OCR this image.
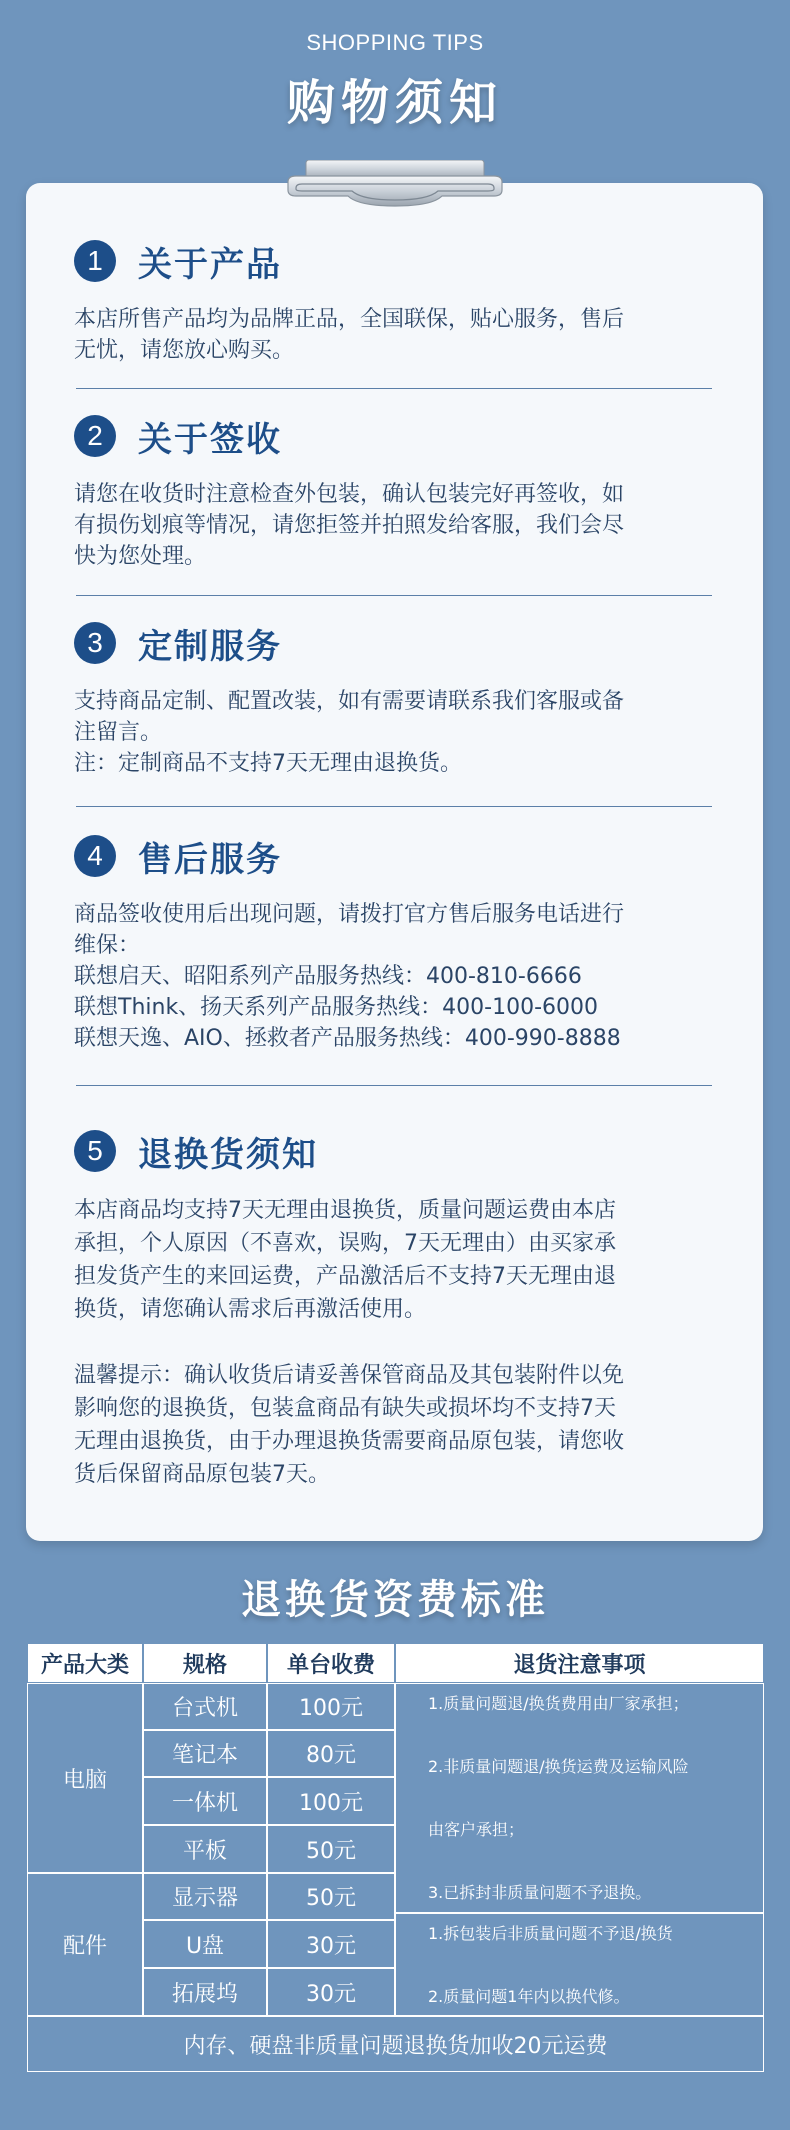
SHOPPING TIPS
购物须知
1	关于产品

本店所售产品均为品牌正品，全国联保，贴心服务，售后

无忧，请您放心购买。

2	关于签收

请您在收货时注意检查外包装，确认包装完好再签收，如

有损伤划痕等情况，请您拒签并拍照发给客服，我们会尽

快为您处理。

3	定制服务

支持商品定制、配置改装，如有需要请联系我们客服或备

注留言。

注：定制商品不支持7天无理由退换货。

4	售后服务

商品签收使用后出现问题，请拨打官方售后服务电话进行

维保：

联想启天、昭阳系列产品服务热线：400-810-6666

联想Think、扬天系列产品服务热线：400-100-6000

联想天逸、AIO、拯救者产品服务热线：400-990-8888

5	退换货须知

本店商品均支持7天无理由退换货，质量问题运费由本店

承担，个人原因（不喜欢，误购，7天无理由）由买家承

担发货产生的来回运费，产品激活后不支持7天无理由退

换货，请您确认需求后再激活使用。

温馨提示：确认收货后请妥善保管商品及其包装附件以免

影响您的退换货，包装盒商品有缺失或损坏均不支持7天

无理由退换货，由于办理退换货需要商品原包装，请您收

货后保留商品原包装7天。

退换货资费标准
产品大类	规格	单台收费	退货注意事项
电脑
台式机	100元
笔记本	80元
一体机	100元
平板	50元

1.质量问题退/换货费用由厂家承担；

2.非质量问题退/换货运费及运输风险

由客户承担；

3.已拆封非质量问题不予退换。

配件
显示器	50元
U盘	30元
拓展坞	30元

1.拆包装后非质量问题不予退/换货

2.质量问题1年内以换代修。

内存、硬盘非质量问题退换货加收20元运费
